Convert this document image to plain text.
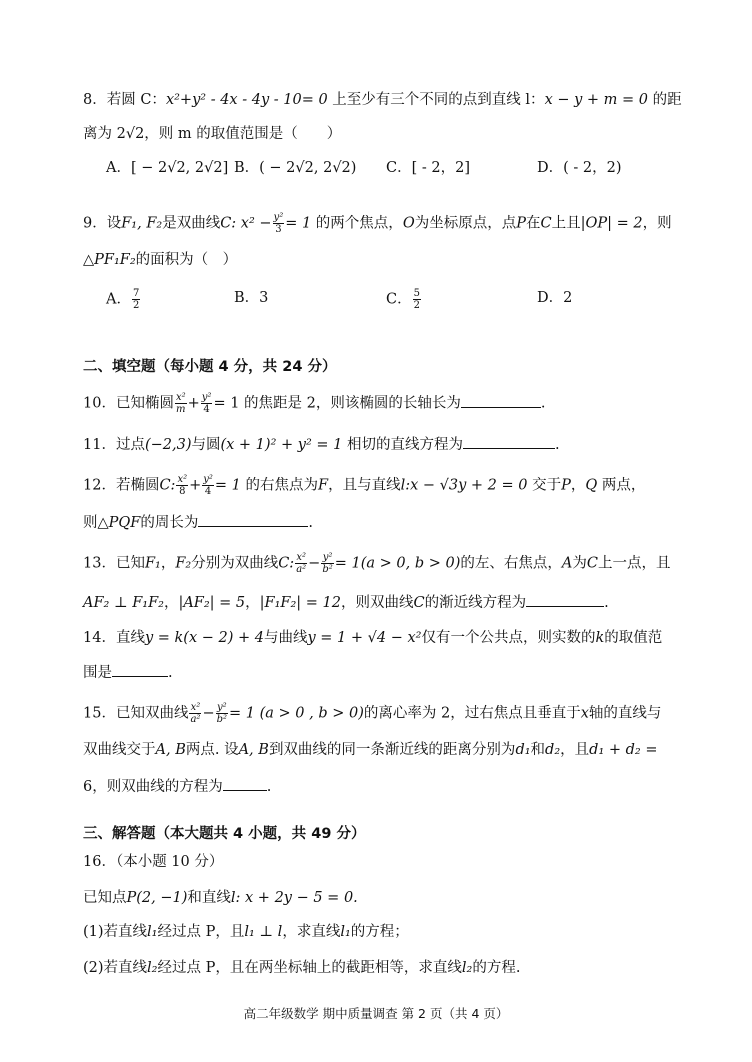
8．若圆 C：x²+y² - 4x - 4y - 10= 0 上至少有三个不同的点到直线 l：x − y + m = 0 的距
离为 2√2，则 m 的取值范围是（　　）
A．[ − 2√2, 2√2] B．( − 2√2, 2√2) C．[ - 2，2]	D．( - 2，2)
9．设F₁, F₂是双曲线C: $x^2 - \frac{\text{y²}}{3} = 1$ 的两个焦点，O为坐标原点，点P在C上且|OP| = 2，则
△PF₁F₂的面积为（　）
A． $\frac{7}{2}$	B．3	C． $\frac{5}{2}$	D．2
二、填空题（每小题 4 分，共 24 分）
10．已知椭圆 $\frac{\text{x²}}{m} + \frac{\text{y²}}{4} = 1$ 的焦距是 2，则该椭圆的长轴长为	.
11．过点(−2,3)与圆(x + 1)² + y² = 1 相切的直线方程为	.
12．若椭圆C: $\frac{\text{x²}}{8} + \frac{\text{y²}}{4} = 1$ 的右焦点为F，且与直线l:x − √3y + 2 = 0 交于P，Q 两点，
则△PQF的周长为	.
13．已知F₁，F₂分别为双曲线C: $\frac{\text{x²}}{\text{a²}} - \frac{\text{y²}}{\text{b²}} = 1(a > 0$, b > 0)的左、右焦点，A为C上一点，且
AF₂ ⊥ F₁F₂，|AF₂| = 5，|F₁F₂| = 12，则双曲线C的渐近线方程为	.
14．直线y = k(x − 2) + 4与曲线y = 1 + √4 − x²仅有一个公共点，则实数的k的取值范
围是	.
15．已知双曲线 $\frac{\text{x²}}{\text{a²}} - \frac{\text{y²}}{\text{b²}} = 1$ (a > 0 , b > 0)的离心率为 2，过右焦点且垂直于x轴的直线与
双曲线交于A, B两点. 设A, B到双曲线的同一条渐近线的距离分别为d₁和d₂，且d₁ + d₂ =
6，则双曲线的方程为	.
三、解答题（本大题共 4 小题，共 49 分）
16．（本小题 10 分）
已知点P(2, −1)和直线l: x + 2y − 5 = 0.
(1)若直线l₁经过点 P，且l₁ ⊥ l，求直线l₁的方程；
(2)若直线l₂经过点 P，且在两坐标轴上的截距相等，求直线l₂的方程.
高二年级数学 期中质量调查 第 2 页（共 4 页）
